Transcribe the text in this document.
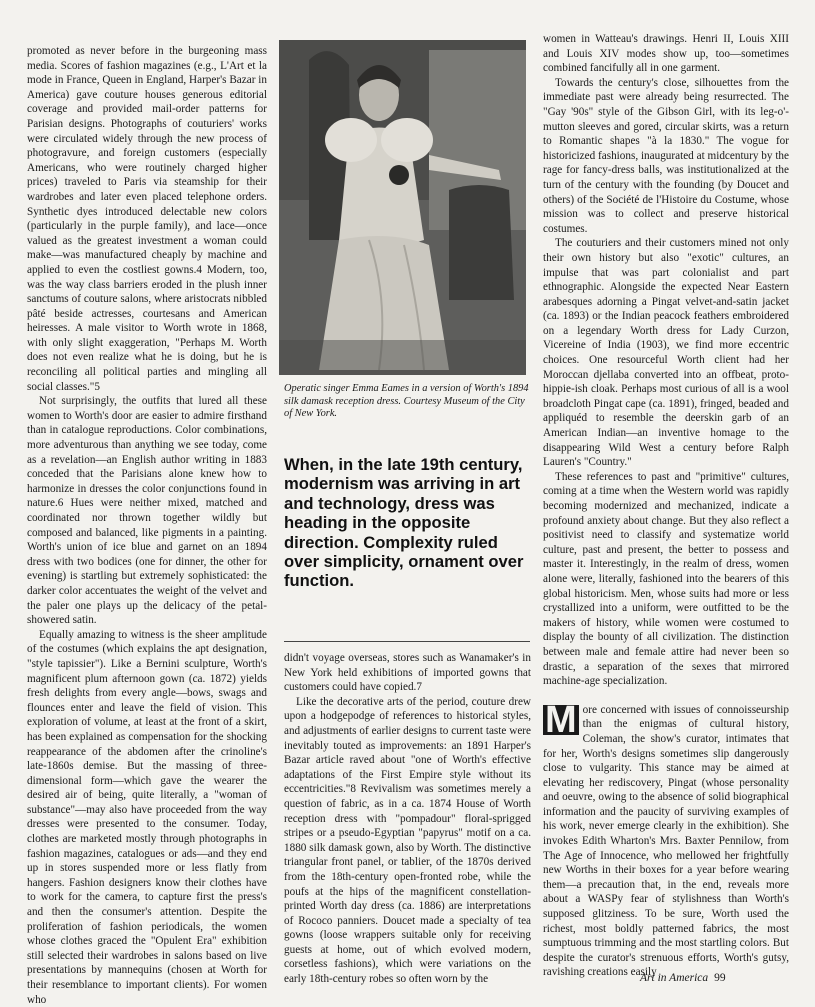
promoted as never before in the burgeoning mass media. Scores of fashion magazines (e.g., L'Art et la mode in France, Queen in England, Harper's Bazar in America) gave couture houses generous editorial coverage and provided mail-order patterns for Parisian designs. Photographs of couturiers' works were circulated widely through the new process of photogravure, and foreign customers (especially Americans, who were routinely charged higher prices) traveled to Paris via steamship for their wardrobes and later even placed telephone orders. Synthetic dyes introduced delectable new colors (particularly in the purple family), and lace—once valued as the greatest investment a woman could make—was manufactured cheaply by machine and applied to even the costliest gowns.4 Modern, too, was the way class barriers eroded in the plush inner sanctums of couture salons, where aristocrats nibbled pâté beside actresses, courtesans and American heiresses. A male visitor to Worth wrote in 1868, with only slight exaggeration, "Perhaps M. Worth does not even realize what he is doing, but he is reconciling all political parties and mingling all social classes."5

Not surprisingly, the outfits that lured all these women to Worth's door are easier to admire firsthand than in catalogue reproductions. Color combinations, more adventurous than anything we see today, come as a revelation—an English author writing in 1883 conceded that the Parisians alone knew how to harmonize in dresses the color conjunctions found in nature.6 Hues were neither mixed, matched and coordinated nor thrown together wildly but composed and balanced, like pigments in a painting. Worth's union of ice blue and garnet on an 1894 dress with two bodices (one for dinner, the other for evening) is startling but extremely sophisticated: the darker color accentuates the weight of the velvet and the paler one plays up the delicacy of the petal-showered satin.

Equally amazing to witness is the sheer amplitude of the costumes (which explains the apt designation, "style tapissier"). Like a Bernini sculpture, Worth's magnificent plum afternoon gown (ca. 1872) yields fresh delights from every angle—bows, swags and flounces enter and leave the field of vision. This exploration of volume, at least at the front of a skirt, has been explained as compensation for the shocking reappearance of the abdomen after the crinoline's late-1860s demise. But the massing of three-dimensional form—which gave the wearer the desired air of being, quite literally, a "woman of substance"—may also have proceeded from the way dresses were presented to the consumer. Today, clothes are marketed mostly through photographs in fashion magazines, catalogues or ads—and they end up in stores suspended more or less flatly from hangers. Fashion designers know their clothes have to work for the camera, to capture first the press's and then the consumer's attention. Despite the proliferation of fashion periodicals, the women whose clothes graced the "Opulent Era" exhibition still selected their wardrobes in salons based on live presentations by mannequins (chosen at Worth for their resemblance to important clients). For women who

Operatic singer Emma Eames in a version of Worth's 1894 silk damask reception dress. Courtesy Museum of the City of New York.
When, in the late 19th century, modernism was arriving in art and technology, dress was heading in the opposite direction. Complexity ruled over simplicity, ornament over function.

didn't voyage overseas, stores such as Wanamaker's in New York held exhibitions of imported gowns that customers could have copied.7

Like the decorative arts of the period, couture drew upon a hodgepodge of references to historical styles, and adjustments of earlier designs to current taste were inevitably touted as improvements: an 1891 Harper's Bazar article raved about "one of Worth's effective adaptations of the First Empire style without its eccentricities."8 Revivalism was sometimes merely a question of fabric, as in a ca. 1874 House of Worth reception dress with "pompadour" floral-sprigged stripes or a pseudo-Egyptian "papyrus" motif on a ca. 1880 silk damask gown, also by Worth. The distinctive triangular front panel, or tablier, of the 1870s derived from the 18th-century open-fronted robe, while the poufs at the hips of the magnificent constellation-printed Worth day dress (ca. 1886) are interpretations of Rococo panniers. Doucet made a specialty of tea gowns (loose wrappers suitable only for receiving guests at home, out of which evolved modern, corsetless fashions), which were variations on the early 18th-century robes so often worn by the

women in Watteau's drawings. Henri II, Louis XIII and Louis XIV modes show up, too—sometimes combined fancifully all in one garment.

Towards the century's close, silhouettes from the immediate past were already being resurrected. The "Gay '90s" style of the Gibson Girl, with its leg-o'-mutton sleeves and gored, circular skirts, was a return to Romantic shapes "à la 1830." The vogue for historicized fashions, inaugurated at midcentury by the rage for fancy-dress balls, was institutionalized at the turn of the century with the founding (by Doucet and others) of the Société de l'Histoire du Costume, whose mission was to collect and preserve historical costumes.

The couturiers and their customers mined not only their own history but also "exotic" cultures, an impulse that was part colonialist and part ethnographic. Alongside the expected Near Eastern arabesques adorning a Pingat velvet-and-satin jacket (ca. 1893) or the Indian peacock feathers embroidered on a legendary Worth dress for Lady Curzon, Vicereine of India (1903), we find more eccentric choices. One resourceful Worth client had her Moroccan djellaba converted into an offbeat, proto-hippie-ish cloak. Perhaps most curious of all is a wool broadcloth Pingat cape (ca. 1891), fringed, beaded and appliquéd to resemble the deerskin garb of an American Indian—an inventive homage to the disappearing Wild West a century before Ralph Lauren's "Country."

These references to past and "primitive" cultures, coming at a time when the Western world was rapidly becoming modernized and mechanized, indicate a profound anxiety about change. But they also reflect a positivist need to classify and systematize world culture, past and present, the better to possess and master it. Interestingly, in the realm of dress, women alone were, literally, fashioned into the bearers of this global historicism. Men, whose suits had more or less crystallized into a uniform, were outfitted to be the makers of history, while women were costumed to display the bounty of all civilization. The distinction between male and female attire had never been so drastic, a separation of the sexes that mirrored machine-age specialization.

M ore concerned with issues of connoisseurship than the enigmas of cultural history, Coleman, the show's curator, intimates that for her, Worth's designs sometimes slip dangerously close to vulgarity. This stance may be aimed at elevating her rediscovery, Pingat (whose personality and oeuvre, owing to the absence of solid biographical information and the paucity of surviving examples of his work, never emerge clearly in the exhibition). She invokes Edith Wharton's Mrs. Baxter Pennilow, from The Age of Innocence, who mellowed her frightfully new Worths in their boxes for a year before wearing them—a precaution that, in the end, reveals more about a WASPy fear of stylishness than Worth's supposed glitziness. To be sure, Worth used the richest, most boldly patterned fabrics, the most sumptuous trimming and the most startling colors. But despite the curator's strenuous efforts, Worth's gutsy, ravishing creations easily

Art in America 99
